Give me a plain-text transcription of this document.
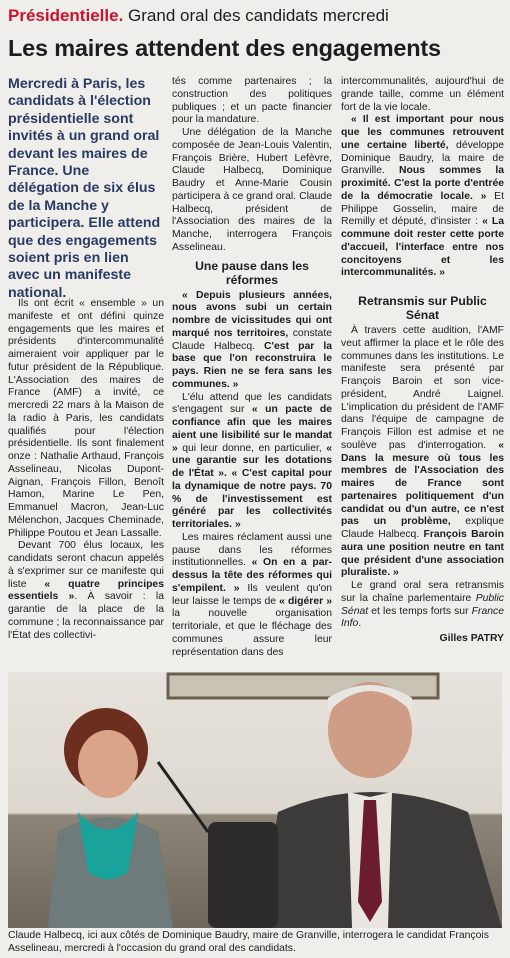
Présidentielle. Grand oral des candidats mercredi
Les maires attendent des engagements
Mercredi à Paris, les candidats à l'élection présidentielle sont invités à un grand oral devant les maires de France. Une délégation de six élus de la Manche y participera. Elle attend que des engagements soient pris en lien avec un manifeste national.

Ils ont écrit « ensemble » un manifeste et ont défini quinze engagements que les maires et présidents d'intercommunalité aimeraient voir appliquer par le futur président de la République. L'Association des maires de France (AMF) a invité, ce mercredi 22 mars à la Maison de la radio à Paris, les candidats qualifiés pour l'élection présidentielle. Ils sont finalement onze : Nathalie Arthaud, François Asselineau, Nicolas Dupont-Aignan, François Fillon, Benoît Hamon, Marine Le Pen, Emmanuel Macron, Jean-Luc Mélenchon, Jacques Cheminade, Philippe Poutou et Jean Lassalle.

Devant 700 élus locaux, les candidats seront chacun appelés à s'exprimer sur ce manifeste qui liste « quatre principes essentiels ». À savoir : la garantie de la place de la commune ; la reconnaissance par l'État des collectivi-

tés comme partenaires ; la construction des politiques publiques ; et un pacte financier pour la mandature.

Une délégation de la Manche composée de Jean-Louis Valentin, François Brière, Hubert Lefèvre, Claude Halbecq, Dominique Baudry et Anne-Marie Cousin participera à ce grand oral. Claude Halbecq, président de l'Association des maires de la Manche, interrogera François Asselineau.

Une pause dans les réformes

« Depuis plusieurs années, nous avons subi un certain nombre de vicissitudes qui ont marqué nos territoires, constate Claude Halbecq. C'est par la base que l'on reconstruira le pays. Rien ne se fera sans les communes. »

L'élu attend que les candidats s'engagent sur « un pacte de confiance afin que les maires aient une lisibilité sur le mandat » qui leur donne, en particulier, « une garantie sur les dotations de l'État ». « C'est capital pour la dynamique de notre pays. 70 % de l'investissement est généré par les collectivités territoriales. »

Les maires réclament aussi une pause dans les réformes institutionnelles. « On en a par-dessus la tête des réformes qui s'empilent. » Ils veulent qu'on leur laisse le temps de « digérer » la nouvelle organisation territoriale, et que le fléchage des communes assure leur représentation dans des

intercommunalités, aujourd'hui de grande taille, comme un élément fort de la vie locale.

« Il est important pour nous que les communes retrouvent une certaine liberté, développe Dominique Baudry, la maire de Granville. Nous sommes la proximité. C'est la porte d'entrée de la démocratie locale. » Et Philippe Gosselin, maire de Remilly et député, d'insister : « La commune doit rester cette porte d'accueil, l'interface entre nos concitoyens et les intercommunalités. »

Retransmis sur Public Sénat

À travers cette audition, l'AMF veut affirmer la place et le rôle des communes dans les institutions. Le manifeste sera présenté par François Baroin et son vice-président, André Laignel. L'implication du président de l'AMF dans l'équipe de campagne de François Fillon est admise et ne soulève pas d'interrogation. « Dans la mesure où tous les membres de l'Association des maires de France sont partenaires politiquement d'un candidat ou d'un autre, ce n'est pas un problème, explique Claude Halbecq. François Baroin aura une position neutre en tant que président d'une association pluraliste. »

Le grand oral sera retransmis sur la chaîne parlementaire Public Sénat et les temps forts sur France Info.

Gilles PATRY
Claude Halbecq, ici aux côtés de Dominique Baudry, maire de Granville, interrogera le candidat François Asselineau, mercredi à l'occasion du grand oral des candidats.
